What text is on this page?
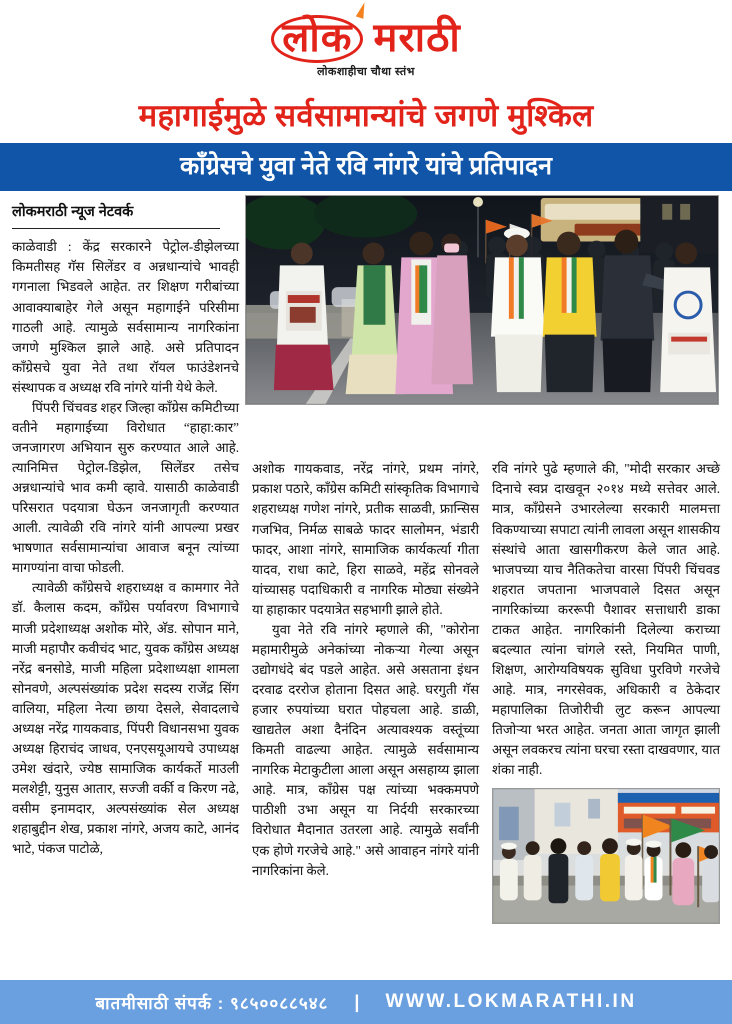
लोक मराठी
लोकशाहीचा चौथा स्तंभ
महागाईमुळे सर्वसामान्यांचे जगणे मुश्किल
काँग्रेसचे युवा नेते रवि नांगरे यांचे प्रतिपादन
लोकमराठी न्यूज नेटवर्क

काळेवाडी : केंद्र सरकारने पेट्रोल-डीझेलच्या किमतीसह गॅस सिलेंडर व अन्नधान्यांचे भावही गगनाला भिडवले आहेत. तर शिक्षण गरीबांच्या आवाक्याबाहेर गेले असून महागाईने परिसीमा गाठली आहे. त्यामुळे सर्वसामान्य नागरिकांना जगणे मुश्किल झाले आहे. असे प्रतिपादन काँग्रेसचे युवा नेते तथा रॉयल फाउंडेशनचे संस्थापक व अध्यक्ष रवि नांगरे यांनी येथे केले.

पिंपरी चिंचवड शहर जिल्हा काँग्रेस कमिटीच्या वतीने महागाईच्या विरोधात “हाहा:कार” जनजागरण अभियान सुरु करण्यात आले आहे. त्यानिमित्त पेट्रोल-डिझेल, सिलेंडर तसेच अन्नधान्यांचे भाव कमी व्हावे. यासाठी काळेवाडी परिसरात पदयात्रा घेऊन जनजागृती करण्यात आली. त्यावेळी रवि नांगरे यांनी आपल्या प्रखर भाषणात सर्वसामान्यांचा आवाज बनून त्यांच्या मागण्यांना वाचा फोडली.

त्यावेळी काँग्रेसचे शहराध्यक्ष व कामगार नेते डॉ. कैलास कदम, काँग्रेस पर्यावरण विभागाचे माजी प्रदेशाध्यक्ष अशोक मोरे, अ‍ॅड. सोपान माने, माजी महापौर कवीचंद भाट, युवक काँग्रेस अध्यक्ष नरेंद्र बनसोडे, माजी महिला प्रदेशाध्यक्षा शामला सोनवणे, अल्पसंख्यांक प्रदेश सदस्य राजेंद्र सिंग वालिया, महिला नेत्या छाया देसले, सेवादलाचे अध्यक्ष नरेंद्र गायकवाड, पिंपरी विधानसभा युवक अध्यक्ष हिराचंद जाधव, एनएसयूआयचे उपाध्यक्ष उमेश खंदारे, ज्येष्ठ सामाजिक कार्यकर्ते माउली मलशेट्टी, युनुस आतार, सज्जी वर्की व किरण नढे, वसीम इनामदार, अल्पसंख्यांक सेल अध्यक्ष शहाबुद्दीन शेख, प्रकाश नांगरे, अजय काटे, आनंद भाटे, पंकज पाटोळे,

अशोक गायकवाड, नरेंद्र नांगरे, प्रथम नांगरे, प्रकाश पठारे, काँग्रेस कमिटी सांस्कृतिक विभागाचे शहराध्यक्ष गणेश नांगरे, प्रतीक साळवी, फ्रान्सिस गजभिव, निर्मळ साबळे फादर सालोमन, भंडारी फादर, आशा नांगरे, सामाजिक कार्यकर्त्या गीता यादव, राधा काटे, हिरा साळवे, महेंद्र सोनवले यांच्यासह पदाधिकारी व नागरिक मोठ्या संख्येने या हाहाकार पदयात्रेत सहभागी झाले होते.

युवा नेते रवि नांगरे म्हणाले की, "कोरोना महामारीमुळे अनेकांच्या नोकऱ्या गेल्या असून उद्योगधंदे बंद पडले आहेत. असे असताना इंधन दरवाढ दररोज होताना दिसत आहे. घरगुती गॅस हजार रुपयांच्या घरात पोहचला आहे. डाळी, खाद्यतेल अशा दैनंदिन अत्यावश्यक वस्तूंच्या किमती वाढल्या आहेत. त्यामुळे सर्वसामान्य नागरिक मेटाकुटीला आला असून असहाय्य झाला आहे. मात्र, काँग्रेस पक्ष त्यांच्या भक्कमपणे पाठीशी उभा असून या निर्दयी सरकारच्या विरोधात मैदानात उतरला आहे. त्यामुळे सर्वांनी एक होणे गरजेचे आहे." असे आवाहन नांगरे यांनी नागरिकांना केले.

रवि नांगरे पुढे म्हणाले की, "मोदी सरकार अच्छे दिनाचे स्वप्न दाखवून २०१४ मध्ये सत्तेवर आले. मात्र, काँग्रेसने उभारलेल्या सरकारी मालमत्ता विकण्याच्या सपाटा त्यांनी लावला असून शासकीय संस्थांचे आता खासगीकरण केले जात आहे. भाजपच्या याच नैतिकतेचा वारसा पिंपरी चिंचवड शहरात जपताना भाजपवाले दिसत असून नागरिकांच्या कररूपी पैशावर सत्ताधारी डाका टाकत आहेत. नागरिकांनी दिलेल्या कराच्या बदल्यात त्यांना चांगले रस्ते, नियमित पाणी, शिक्षण, आरोग्यविषयक सुविधा पुरविणे गरजेचे आहे. मात्र, नगरसेवक, अधिकारी व ठेकेदार महापालिका तिजोरीची लुट करून आपल्या तिजोऱ्या भरत आहेत. जनता आता जागृत झाली असून लवकरच त्यांना घरचा रस्ता दाखवणार, यात शंका नाही.

बातमीसाठी संपर्क : ९८५००८८५४८ | WWW.LOKMARATHI.IN
